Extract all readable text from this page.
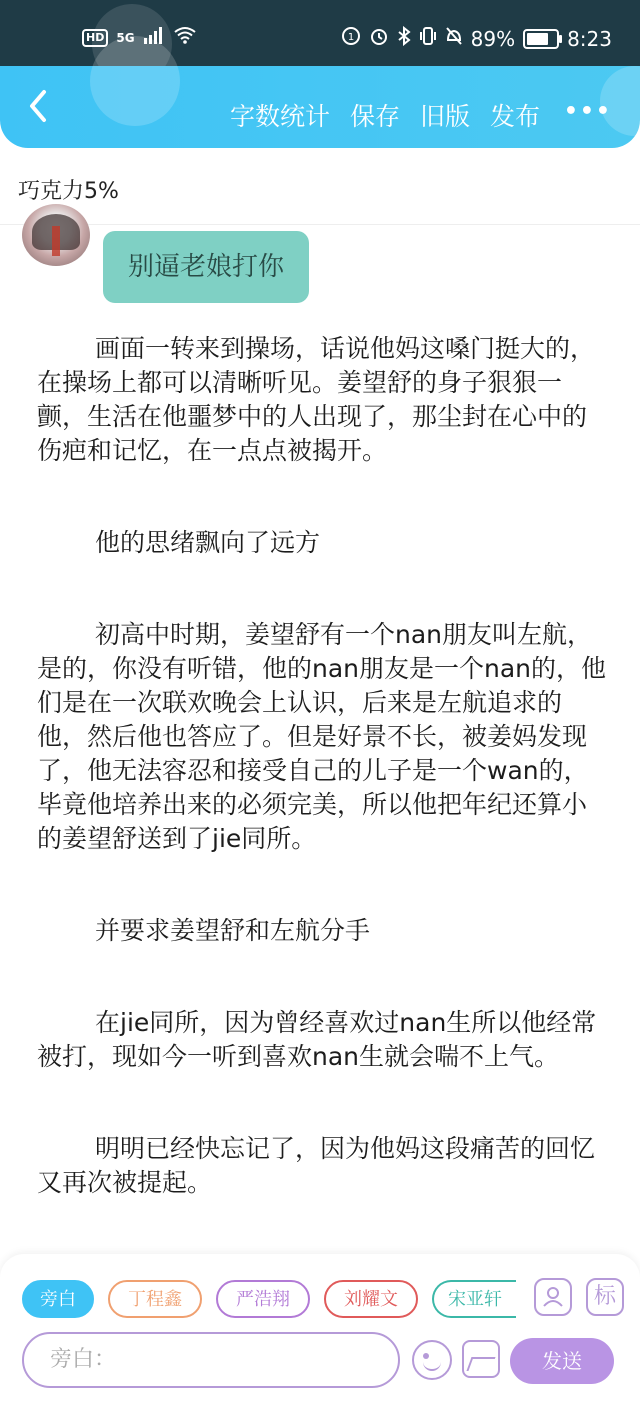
HD	5G	1	89%	8:23
字数统计 保存 旧版 发布 •••
巧克力5%
别逼老娘打你

画面一转来到操场，话说他妈这嗓门挺大的，在操场上都可以清晰听见。姜望舒的身子狠狠一颤，生活在他噩梦中的人出现了，那尘封在心中的伤疤和记忆，在一点点被揭开。

他的思绪飘向了远方

初高中时期，姜望舒有一个nan朋友叫左航，是的，你没有听错，他的nan朋友是一个nan的，他们是在一次联欢晚会上认识，后来是左航追求的他，然后他也答应了。但是好景不长，被姜妈发现了，他无法容忍和接受自己的儿子是一个wan的，毕竟他培养出来的必须完美，所以他把年纪还算小的姜望舒送到了jie同所。

并要求姜望舒和左航分手

在jie同所，因为曾经喜欢过nan生所以他经常被打，现如今一听到喜欢nan生就会喘不上气。

明明已经快忘记了，因为他妈这段痛苦的回忆又再次被提起。

旁白	丁程鑫	严浩翔	刘耀文	宋亚轩	标
旁白：	发送
